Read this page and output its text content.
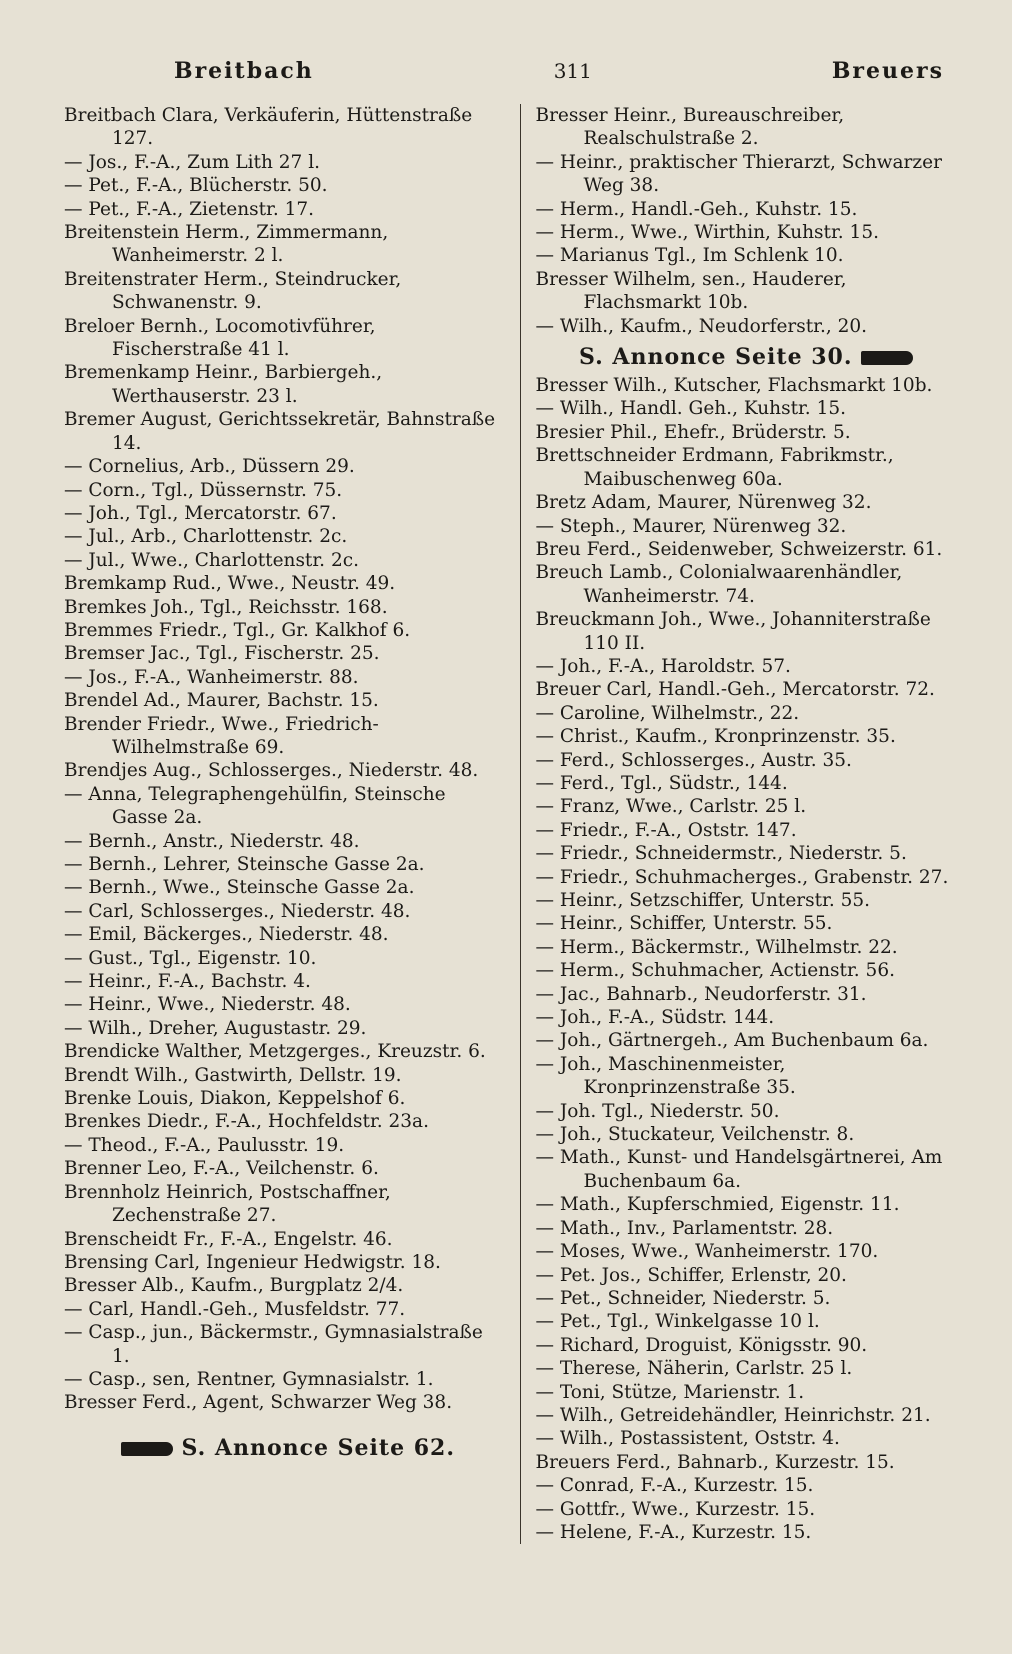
Breitbach	311	Breuers
Breitbach Clara, Verkäuferin, Hüttenstraße 127.
— Jos., F.-A., Zum Lith 27 l.
— Pet., F.-A., Blücherstr. 50.
— Pet., F.-A., Zietenstr. 17.
Breitenstein Herm., Zimmermann, Wanheimerstr. 2 l.
Breitenstrater Herm., Steindrucker, Schwanenstr. 9.
Breloer Bernh., Locomotivführer, Fischerstraße 41 l.
Bremenkamp Heinr., Barbiergeh., Werthauserstr. 23 l.
Bremer August, Gerichtssekretär, Bahnstraße 14.
— Cornelius, Arb., Düssern 29.
— Corn., Tgl., Düssernstr. 75.
— Joh., Tgl., Mercatorstr. 67.
— Jul., Arb., Charlottenstr. 2c.
— Jul., Wwe., Charlottenstr. 2c.
Bremkamp Rud., Wwe., Neustr. 49.
Bremkes Joh., Tgl., Reichsstr. 168.
Bremmes Friedr., Tgl., Gr. Kalkhof 6.
Bremser Jac., Tgl., Fischerstr. 25.
— Jos., F.-A., Wanheimerstr. 88.
Brendel Ad., Maurer, Bachstr. 15.
Brender Friedr., Wwe., Friedrich-Wilhelmstraße 69.
Brendjes Aug., Schlosserges., Niederstr. 48.
— Anna, Telegraphengehülfin, Steinsche Gasse 2a.
— Bernh., Anstr., Niederstr. 48.
— Bernh., Lehrer, Steinsche Gasse 2a.
— Bernh., Wwe., Steinsche Gasse 2a.
— Carl, Schlosserges., Niederstr. 48.
— Emil, Bäckerges., Niederstr. 48.
— Gust., Tgl., Eigenstr. 10.
— Heinr., F.-A., Bachstr. 4.
— Heinr., Wwe., Niederstr. 48.
— Wilh., Dreher, Augustastr. 29.
Brendicke Walther, Metzgerges., Kreuzstr. 6.
Brendt Wilh., Gastwirth, Dellstr. 19.
Brenke Louis, Diakon, Keppelshof 6.
Brenkes Diedr., F.-A., Hochfeldstr. 23a.
— Theod., F.-A., Paulusstr. 19.
Brenner Leo, F.-A., Veilchenstr. 6.
Brennholz Heinrich, Postschaffner, Zechenstraße 27.
Brenscheidt Fr., F.-A., Engelstr. 46.
Brensing Carl, Ingenieur Hedwigstr. 18.
Bresser Alb., Kaufm., Burgplatz 2/4.
— Carl, Handl.-Geh., Musfeldstr. 77.
— Casp., jun., Bäckermstr., Gymnasialstraße 1.
— Casp., sen, Rentner, Gymnasialstr. 1.
Bresser Ferd., Agent, Schwarzer Weg 38.
S. Annonce Seite 62.
Bresser Heinr., Bureauschreiber, Realschulstraße 2.
— Heinr., praktischer Thierarzt, Schwarzer Weg 38.
— Herm., Handl.-Geh., Kuhstr. 15.
— Herm., Wwe., Wirthin, Kuhstr. 15.
— Marianus Tgl., Im Schlenk 10.
Bresser Wilhelm, sen., Hauderer, Flachsmarkt 10b.
— Wilh., Kaufm., Neudorferstr., 20.
S. Annonce Seite 30.
Bresser Wilh., Kutscher, Flachsmarkt 10b.
— Wilh., Handl. Geh., Kuhstr. 15.
Bresier Phil., Ehefr., Brüderstr. 5.
Brettschneider Erdmann, Fabrikmstr., Maibuschenweg 60a.
Bretz Adam, Maurer, Nürenweg 32.
— Steph., Maurer, Nürenweg 32.
Breu Ferd., Seidenweber, Schweizerstr. 61.
Breuch Lamb., Colonialwaarenhändler, Wanheimerstr. 74.
Breuckmann Joh., Wwe., Johanniterstraße 110 II.
— Joh., F.-A., Haroldstr. 57.
Breuer Carl, Handl.-Geh., Mercatorstr. 72.
— Caroline, Wilhelmstr., 22.
— Christ., Kaufm., Kronprinzenstr. 35.
— Ferd., Schlosserges., Austr. 35.
— Ferd., Tgl., Südstr., 144.
— Franz, Wwe., Carlstr. 25 l.
— Friedr., F.-A., Oststr. 147.
— Friedr., Schneidermstr., Niederstr. 5.
— Friedr., Schuhmacherges., Grabenstr. 27.
— Heinr., Setzschiffer, Unterstr. 55.
— Heinr., Schiffer, Unterstr. 55.
— Herm., Bäckermstr., Wilhelmstr. 22.
— Herm., Schuhmacher, Actienstr. 56.
— Jac., Bahnarb., Neudorferstr. 31.
— Joh., F.-A., Südstr. 144.
— Joh., Gärtnergeh., Am Buchenbaum 6a.
— Joh., Maschinenmeister, Kronprinzenstraße 35.
— Joh. Tgl., Niederstr. 50.
— Joh., Stuckateur, Veilchenstr. 8.
— Math., Kunst- und Handelsgärtnerei, Am Buchenbaum 6a.
— Math., Kupferschmied, Eigenstr. 11.
— Math., Inv., Parlamentstr. 28.
— Moses, Wwe., Wanheimerstr. 170.
— Pet. Jos., Schiffer, Erlenstr, 20.
— Pet., Schneider, Niederstr. 5.
— Pet., Tgl., Winkelgasse 10 l.
— Richard, Droguist, Königsstr. 90.
— Therese, Näherin, Carlstr. 25 l.
— Toni, Stütze, Marienstr. 1.
— Wilh., Getreidehändler, Heinrichstr. 21.
— Wilh., Postassistent, Oststr. 4.
Breuers Ferd., Bahnarb., Kurzestr. 15.
— Conrad, F.-A., Kurzestr. 15.
— Gottfr., Wwe., Kurzestr. 15.
— Helene, F.-A., Kurzestr. 15.
